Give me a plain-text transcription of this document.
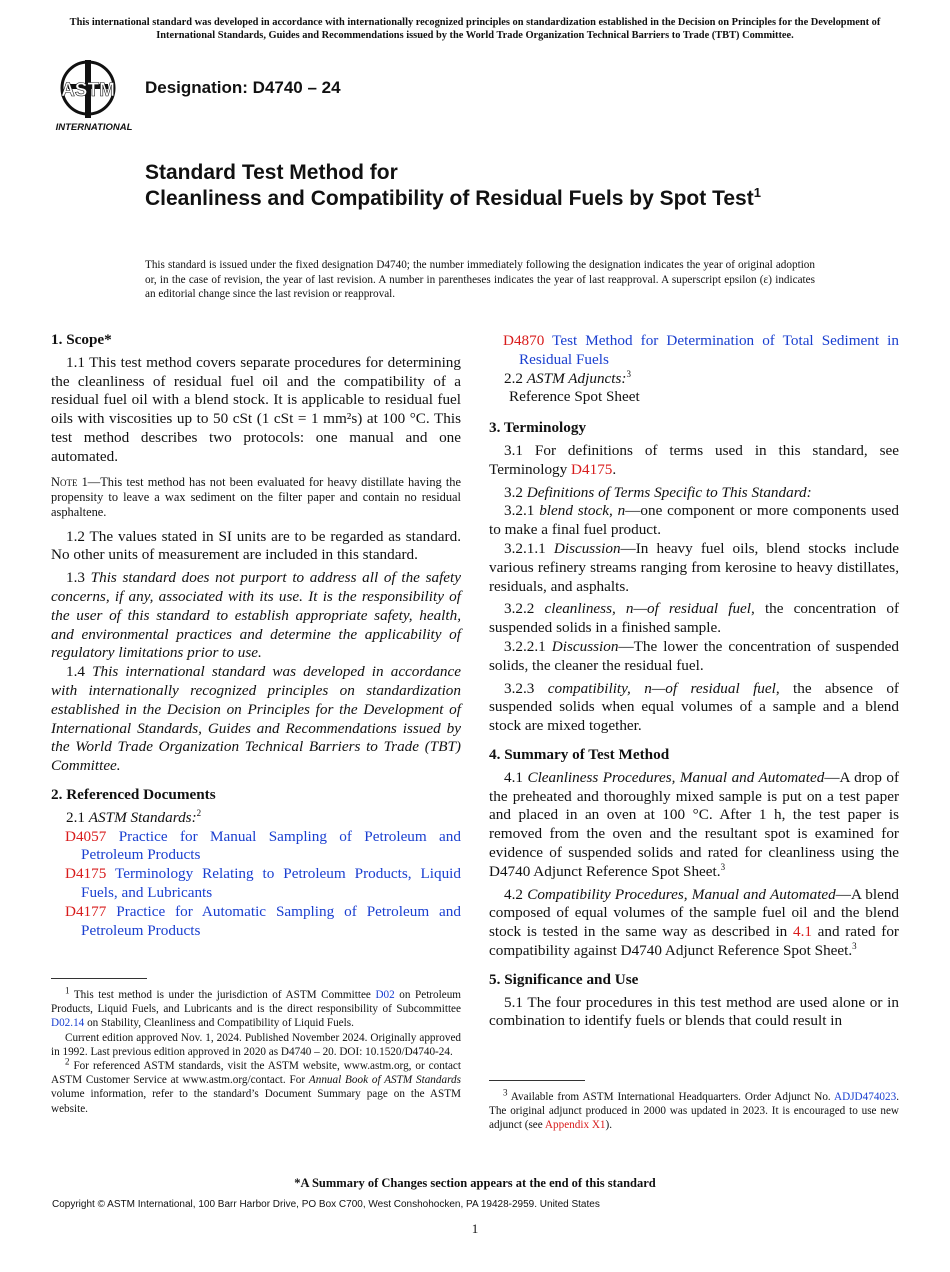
This international standard was developed in accordance with internationally recognized principles on standardization established in the Decision on Principles for the Development of International Standards, Guides and Recommendations issued by the World Trade Organization Technical Barriers to Trade (TBT) Committee.
ASTM
INTERNATIONAL
Designation: D4740 – 24
Standard Test Method for
Cleanliness and Compatibility of Residual Fuels by Spot Test$^1$
This standard is issued under the fixed designation D4740; the number immediately following the designation indicates the year of original adoption or, in the case of revision, the year of last revision. A number in parentheses indicates the year of last reapproval. A superscript epsilon (ε) indicates an editorial change since the last revision or reapproval.

1. Scope*

1.1 This test method covers separate procedures for determining the cleanliness of residual fuel oil and the compatibility of a residual fuel oil with a blend stock. It is applicable to residual fuel oils with viscosities up to 50 cSt (1 cSt = 1 mm²s) at 100 °C. This test method describes two protocols: one manual and one automated.

Note 1—This test method has not been evaluated for heavy distillate having the propensity to leave a wax sediment on the filter paper and contain no residual asphaltene.

1.2 The values stated in SI units are to be regarded as standard. No other units of measurement are included in this standard.

1.3 This standard does not purport to address all of the safety concerns, if any, associated with its use. It is the responsibility of the user of this standard to establish appropriate safety, health, and environmental practices and determine the applicability of regulatory limitations prior to use.

1.4 This international standard was developed in accordance with internationally recognized principles on standardization established in the Decision on Principles for the Development of International Standards, Guides and Recommendations issued by the World Trade Organization Technical Barriers to Trade (TBT) Committee.

2. Referenced Documents

2.1 ASTM Standards:$^2$

D4057 Practice for Manual Sampling of Petroleum and Petroleum Products

D4175 Terminology Relating to Petroleum Products, Liquid Fuels, and Lubricants

D4177 Practice for Automatic Sampling of Petroleum and Petroleum Products

$^1$ This test method is under the jurisdiction of ASTM Committee D02 on Petroleum Products, Liquid Fuels, and Lubricants and is the direct responsibility of Subcommittee D02.14 on Stability, Cleanliness and Compatibility of Liquid Fuels.

Current edition approved Nov. 1, 2024. Published November 2024. Originally approved in 1992. Last previous edition approved in 2020 as D4740 – 20. DOI: 10.1520/D4740-24.

$^2$ For referenced ASTM standards, visit the ASTM website, www.astm.org, or contact ASTM Customer Service at www.astm.org/contact. For Annual Book of ASTM Standards volume information, refer to the standard’s Document Summary page on the ASTM website.

D4870 Test Method for Determination of Total Sediment in Residual Fuels

2.2 ASTM Adjuncts:$^3$

Reference Spot Sheet

3. Terminology

3.1 For definitions of terms used in this standard, see Terminology D4175.

3.2 Definitions of Terms Specific to This Standard:

3.2.1 blend stock, n—one component or more components used to make a final fuel product.

3.2.1.1 Discussion—In heavy fuel oils, blend stocks include various refinery streams ranging from kerosine to heavy distillates, residuals, and asphalts.

3.2.2 cleanliness, n—of residual fuel, the concentration of suspended solids in a finished sample.

3.2.2.1 Discussion—The lower the concentration of suspended solids, the cleaner the residual fuel.

3.2.3 compatibility, n—of residual fuel, the absence of suspended solids when equal volumes of a sample and a blend stock are mixed together.

4. Summary of Test Method

4.1 Cleanliness Procedures, Manual and Automated—A drop of the preheated and thoroughly mixed sample is put on a test paper and placed in an oven at 100 °C. After 1 h, the test paper is removed from the oven and the resultant spot is examined for evidence of suspended solids and rated for cleanliness using the D4740 Adjunct Reference Spot Sheet.$^3$

4.2 Compatibility Procedures, Manual and Automated—A blend composed of equal volumes of the sample fuel oil and the blend stock is tested in the same way as described in 4.1 and rated for compatibility against D4740 Adjunct Reference Spot Sheet.$^3$

5. Significance and Use

5.1 The four procedures in this test method are used alone or in combination to identify fuels or blends that could result in

$^3$ Available from ASTM International Headquarters. Order Adjunct No. ADJD474023. The original adjunct produced in 2000 was updated in 2023. It is encouraged to use new adjunct (see Appendix X1).

*A Summary of Changes section appears at the end of this standard
Copyright © ASTM International, 100 Barr Harbor Drive, PO Box C700, West Conshohocken, PA 19428-2959. United States
1
